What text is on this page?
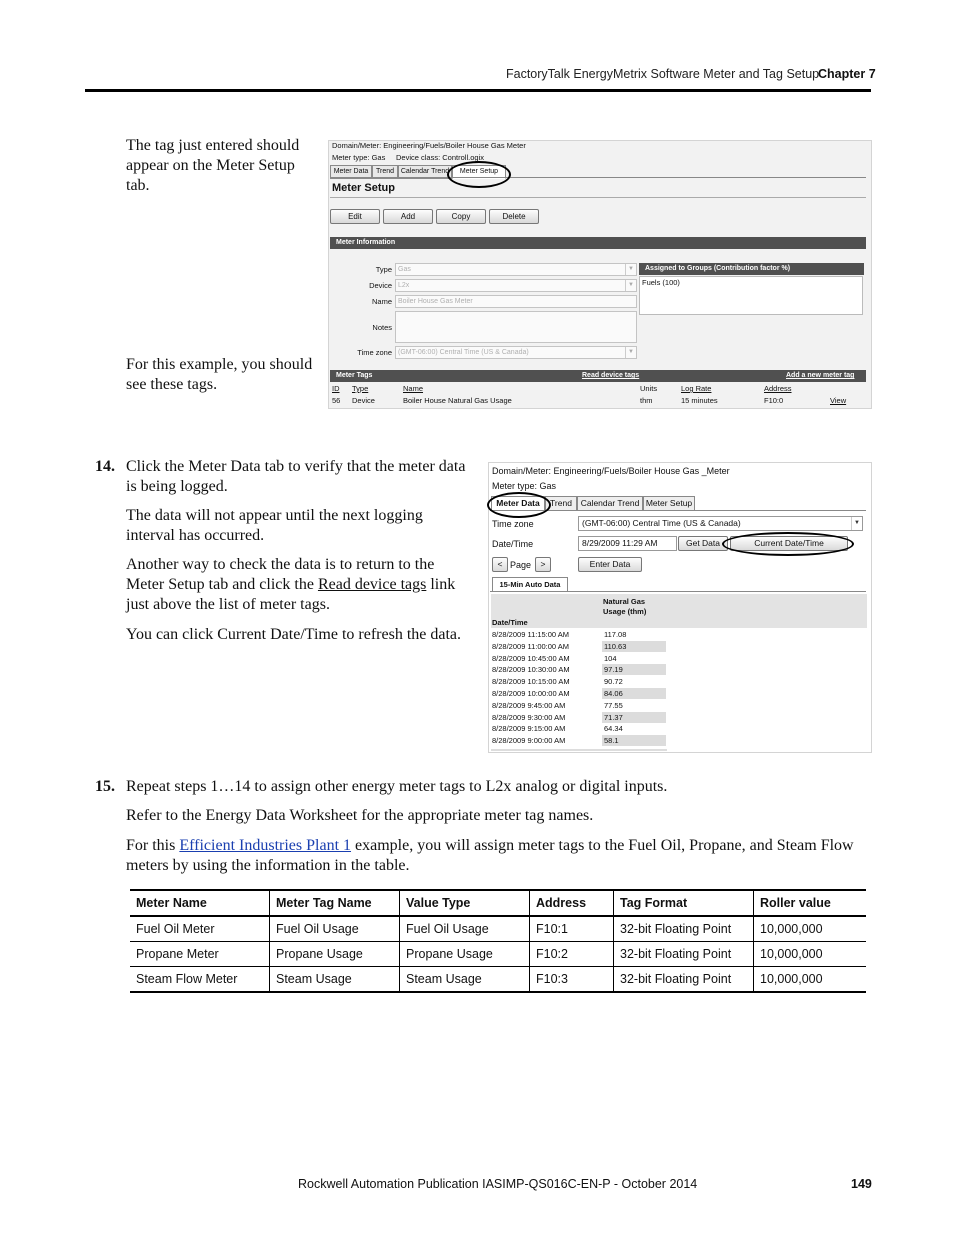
FactoryTalk EnergyMetrix Software Meter and Tag Setup
Chapter 7
The tag just entered should appear on the Meter Setup tab.
For this example, you should see these tags.
Domain/Meter: Engineering/Fuels/Boiler House Gas Meter
Meter type: Gas Device class: Controll.ogix
Meter Data	Trend Calendar Trend	Meter Setup
Meter Setup
Edit	Add	Copy	Delete
Meter Information
Type Gas	▼
Device L2x	▼
Name Boiler House Gas Meter
Notes
Time zone (GMT-06:00) Central Time (US & Canada)	▼
Assigned to Groups (Contribution factor %)
Fuels (100)
Meter Tags	Read device tags	Add a new meter tag
ID Type	Name	Units	Log Rate	Address
56 Device	Boiler House Natural Gas Usage	thm	15 minutes	F10:0	View
14. Click the Meter Data tab to verify that the meter data is being logged.
The data will not appear until the next logging interval has occurred.
Another way to check the data is to return to the Meter Setup tab and click the Read device tags link just above the list of meter tags.
You can click Current Date/Time to refresh the data.
Domain/Meter: Engineering/Fuels/Boiler House Gas _Meter
Meter type: Gas
Meter Data	Trend	Calendar Trend Meter Setup
Time zone	(GMT-06:00) Central Time (US & Canada)	▼
Date/Time	8/29/2009 11:29 AM	Get Data	Current Date/Time
< Page	>	Enter Data
15-Min Auto Data
Natural Gas Usage (thm)
Date/Time
8/28/2009 11:15:00 AM	117.08
8/28/2009 11:00:00 AM	110.63
8/28/2009 10:45:00 AM	104
8/28/2009 10:30:00 AM	97.19
8/28/2009 10:15:00 AM	90.72
8/28/2009 10:00:00 AM	84.06
8/28/2009 9:45:00 AM	77.55
8/28/2009 9:30:00 AM	71.37
8/28/2009 9:15:00 AM	64.34
8/28/2009 9:00:00 AM	58.1
15. Repeat steps 1…14 to assign other energy meter tags to L2x analog or digital inputs.
Refer to the Energy Data Worksheet for the appropriate meter tag names.
For this Efficient Industries Plant 1 example, you will assign meter tags to the Fuel Oil, Propane, and Steam Flow meters by using the information in the table.
Meter Name	Meter Tag Name	Value Type	Address	Tag Format	Roller value
Fuel Oil Meter	Fuel Oil Usage	Fuel Oil Usage	F10:1	32-bit Floating Point	10,000,000
Propane Meter	Propane Usage	Propane Usage	F10:2	32-bit Floating Point	10,000,000
Steam Flow Meter	Steam Usage	Steam Usage	F10:3	32-bit Floating Point	10,000,000
Rockwell Automation Publication IASIMP-QS016C-EN-P - October 2014	149
